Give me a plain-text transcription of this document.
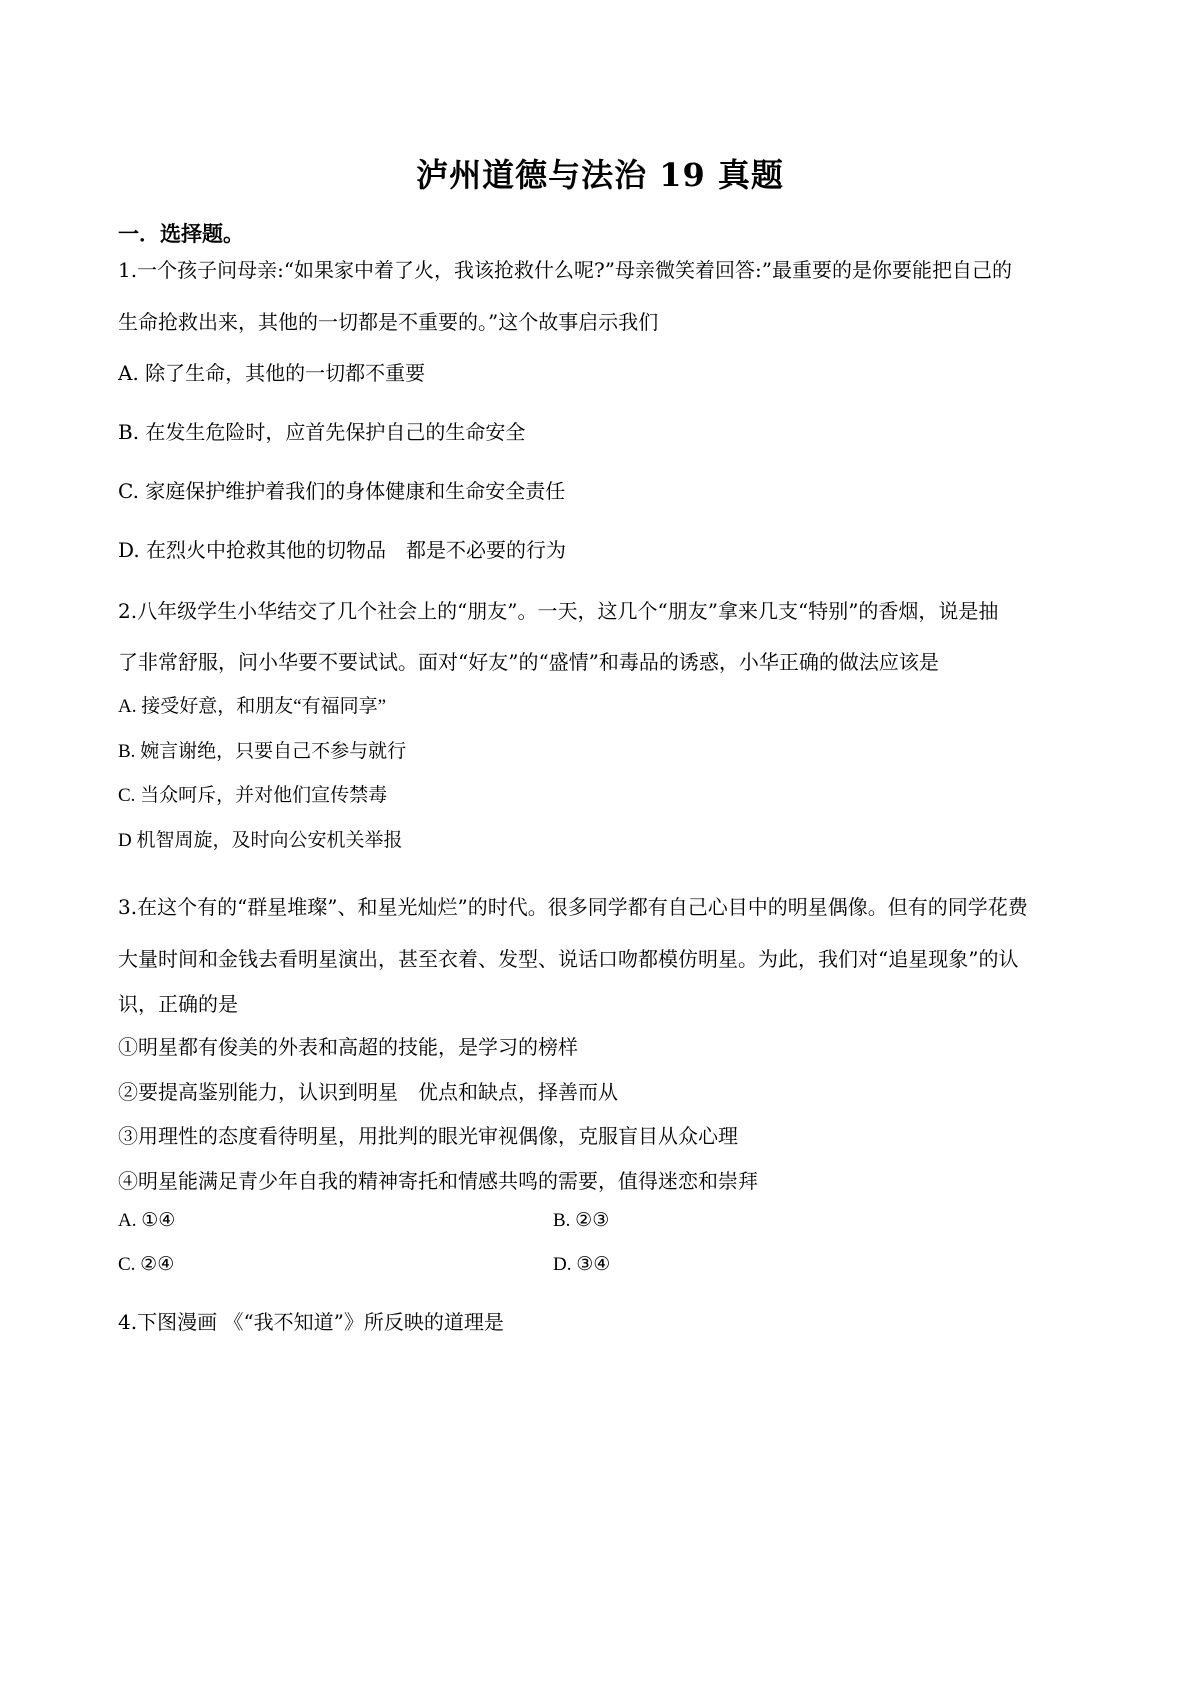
泸州道德与法治 19 真题
一．选择题。
1.一个孩子问母亲:“如果家中着了火，我该抢救什么呢?”母亲微笑着回答:”最重要的是你要能把自己的
生命抢救出来，其他的一切都是不重要的。”这个故事启示我们
A. 除了生命，其他的一切都不重要
B. 在发生危险时，应首先保护自己的生命安全
C. 家庭保护维护着我们的身体健康和生命安全责任
D. 在烈火中抢救其他的切物品　都是不必要的行为
2.八年级学生小华结交了几个社会上的“朋友”。一天，这几个“朋友”拿来几支“特别”的香烟，说是抽
了非常舒服，问小华要不要试试。面对“好友”的“盛情”和毒品的诱惑，小华正确的做法应该是
A. 接受好意，和朋友“有福同享”
B. 婉言谢绝，只要自己不参与就行
C. 当众呵斥，并对他们宣传禁毒
D 机智周旋，及时向公安机关举报
3.在这个有的“群星堆璨”、和星光灿烂”的时代。很多同学都有自己心目中的明星偶像。但有的同学花费
大量时间和金钱去看明星演出，甚至衣着、发型、说话口吻都模仿明星。为此，我们对“追星现象”的认
识，正确的是
①明星都有俊美的外表和高超的技能，是学习的榜样
②要提高鉴别能力，认识到明星　优点和缺点，择善而从
③用理性的态度看待明星，用批判的眼光审视偶像，克服盲目从众心理
④明星能满足青少年自我的精神寄托和情感共鸣的需要，值得迷恋和崇拜
A. ①④	B. ②③
C. ②④	D. ③④
4.下图漫画 《“我不知道”》所反映的道理是
